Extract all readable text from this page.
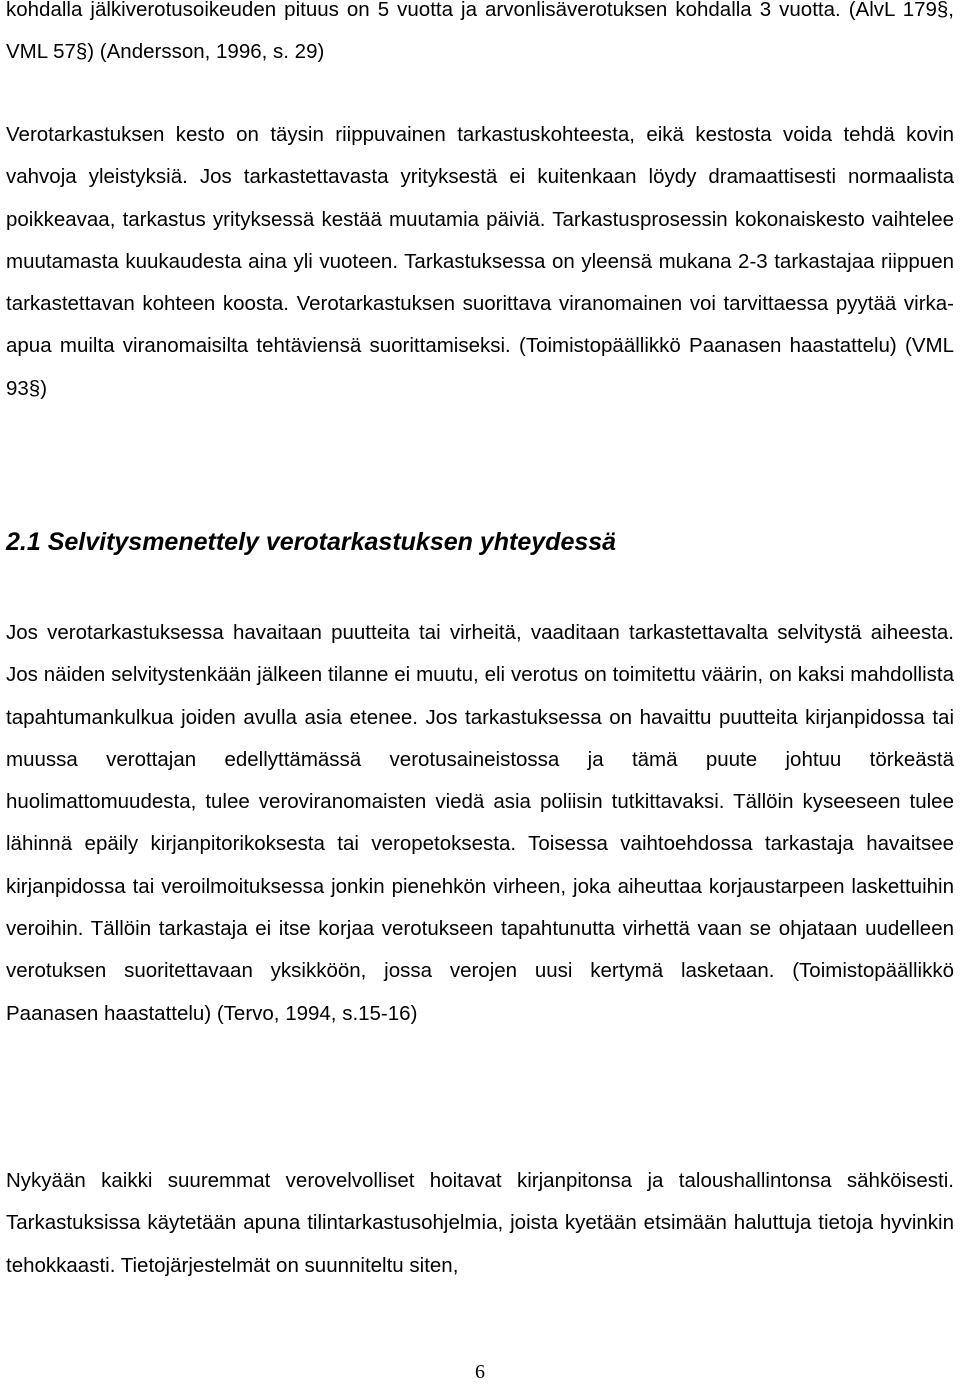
kohdalla jälkiverotusoikeuden pituus on 5 vuotta ja arvonlisäverotuksen kohdalla 3 vuotta. (AlvL 179§, VML 57§) (Andersson, 1996, s. 29)

Verotarkastuksen kesto on täysin riippuvainen tarkastuskohteesta, eikä kestosta voida tehdä kovin vahvoja yleistyksiä. Jos tarkastettavasta yrityksestä ei kuitenkaan löydy dramaattisesti normaalista poikkeavaa, tarkastus yrityksessä kestää muutamia päiviä. Tarkastusprosessin kokonaiskesto vaihtelee muutamasta kuukaudesta aina yli vuoteen. Tarkastuksessa on yleensä mukana 2-3 tarkastajaa riippuen tarkastettavan kohteen koosta. Verotarkastuksen suorittava viranomainen voi tarvittaessa pyytää virka-apua muilta viranomaisilta tehtäviensä suorittamiseksi. (Toimistopäällikkö Paanasen haastattelu) (VML 93§)

2.1 Selvitysmenettely verotarkastuksen yhteydessä

Jos verotarkastuksessa havaitaan puutteita tai virheitä, vaaditaan tarkastettavalta selvitystä aiheesta. Jos näiden selvitystenkään jälkeen tilanne ei muutu, eli verotus on toimitettu väärin, on kaksi mahdollista tapahtumankulkua joiden avulla asia etenee. Jos tarkastuksessa on havaittu puutteita kirjanpidossa tai muussa verottajan edellyttämässä verotusaineistossa ja tämä puute johtuu törkeästä huolimattomuudesta, tulee veroviranomaisten viedä asia poliisin tutkittavaksi. Tällöin kyseeseen tulee lähinnä epäily kirjanpitorikoksesta tai veropetoksesta. Toisessa vaihtoehdossa tarkastaja havaitsee kirjanpidossa tai veroilmoituksessa jonkin pienehkön virheen, joka aiheuttaa korjaustarpeen laskettuihin veroihin. Tällöin tarkastaja ei itse korjaa verotukseen tapahtunutta virhettä vaan se ohjataan uudelleen verotuksen suoritettavaan yksikköön, jossa verojen uusi kertymä lasketaan. (Toimistopäällikkö Paanasen haastattelu) (Tervo, 1994, s.15-16)

Nykyään kaikki suuremmat verovelvolliset hoitavat kirjanpitonsa ja taloushallintonsa sähköisesti. Tarkastuksissa käytetään apuna tilintarkastusohjelmia, joista kyetään etsimään haluttuja tietoja hyvinkin tehokkaasti. Tietojärjestelmät on suunniteltu siten,

6
